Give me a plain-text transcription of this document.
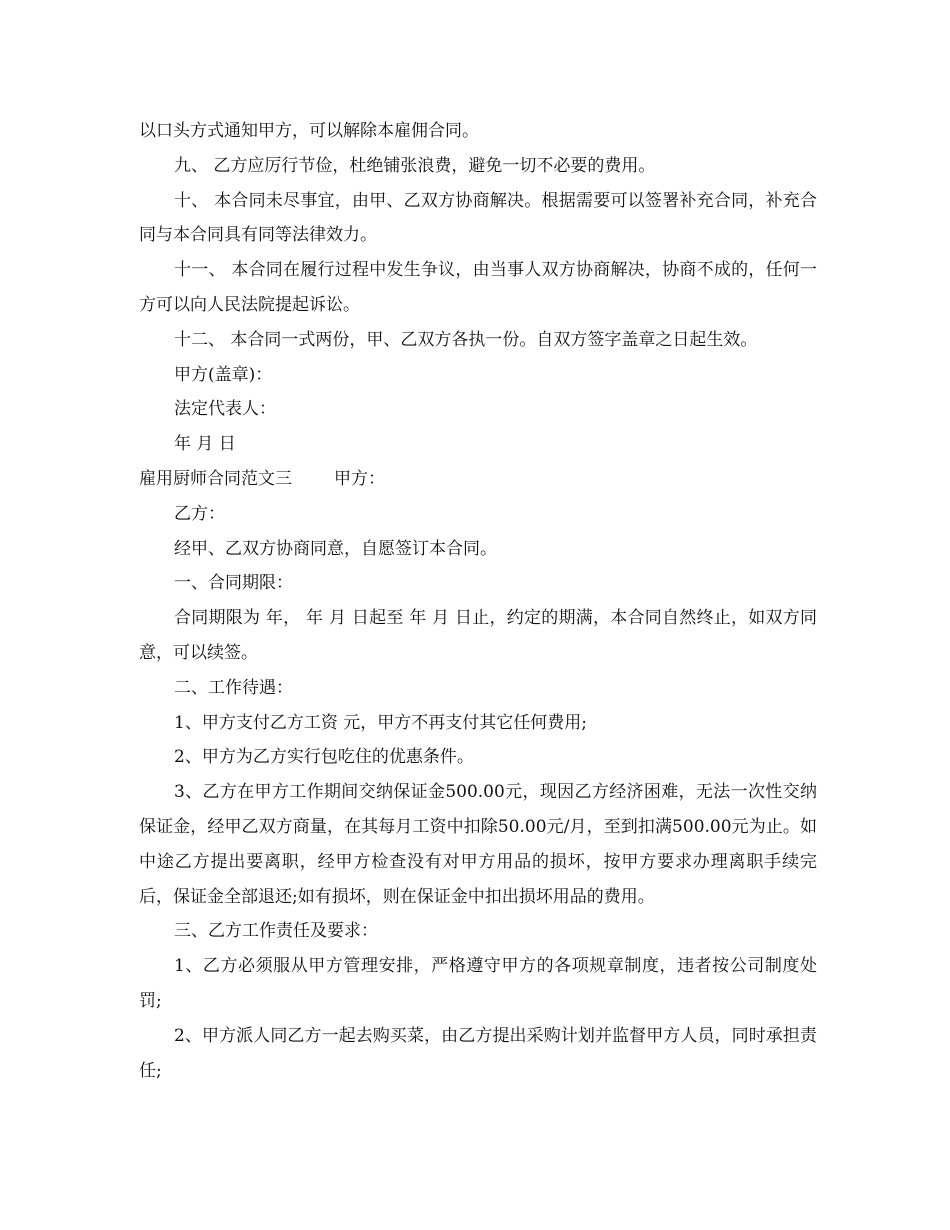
以口头方式通知甲方，可以解除本雇佣合同。

九、 乙方应厉行节俭，杜绝铺张浪费，避免一切不必要的费用。

十、 本合同未尽事宜，由甲、乙双方协商解决。根据需要可以签署补充合同，补充合同与本合同具有同等法律效力。

十一、 本合同在履行过程中发生争议，由当事人双方协商解决，协商不成的，任何一方可以向人民法院提起诉讼。

十二、 本合同一式两份，甲、乙双方各执一份。自双方签字盖章之日起生效。

甲方(盖章)：

法定代表人：

年 月 日

雇用厨师合同范文三 甲方：

乙方：

经甲、乙双方协商同意，自愿签订本合同。

一、合同期限：

合同期限为 年， 年 月 日起至 年 月 日止，约定的期满，本合同自然终止，如双方同意，可以续签。

二、工作待遇：

1、甲方支付乙方工资 元，甲方不再支付其它任何费用;

2、甲方为乙方实行包吃住的优惠条件。

3、乙方在甲方工作期间交纳保证金500.00元，现因乙方经济困难，无法一次性交纳保证金，经甲乙双方商量，在其每月工资中扣除50.00元/月，至到扣满500.00元为止。如中途乙方提出要离职，经甲方检查没有对甲方用品的损坏，按甲方要求办理离职手续完后，保证金全部退还;如有损坏，则在保证金中扣出损坏用品的费用。

三、乙方工作责任及要求：

1、乙方必须服从甲方管理安排，严格遵守甲方的各项规章制度，违者按公司制度处罚;

2、甲方派人同乙方一起去购买菜，由乙方提出采购计划并监督甲方人员，同时承担责任;
